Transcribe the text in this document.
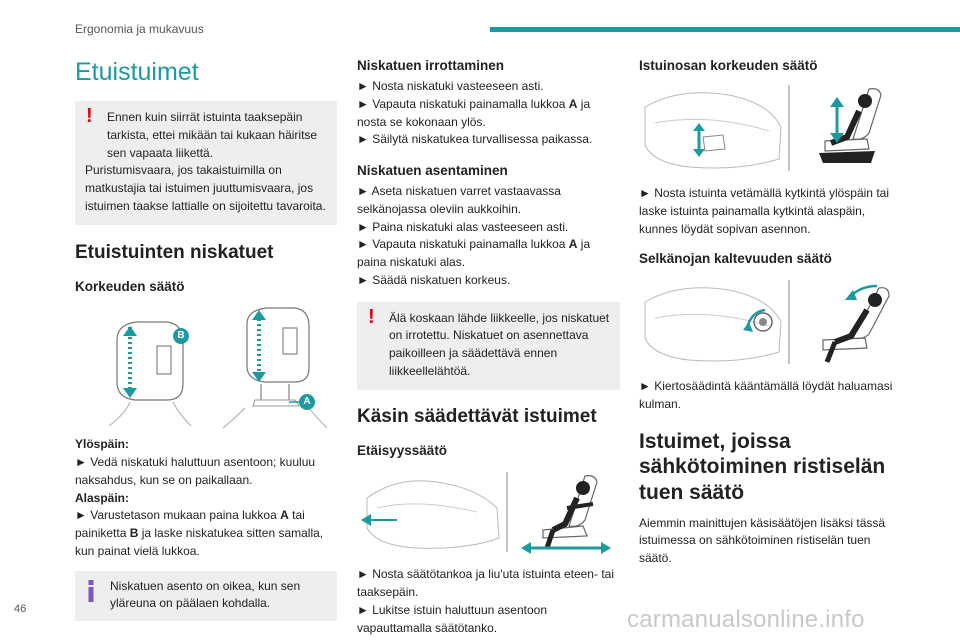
Ergonomia ja mukavuus
Etuistuimet
!	Ennen kuin siirrät istuinta taaksepäin tarkista, ettei mikään tai kukaan häiritse sen vapaata liikettä.

Puristumisvaara, jos takaistuimilla on matkustajia tai istuimen juuttumisvaara, jos istuimen taakse lattialle on sijoitettu tavaroita.

Etuistuinten niskatuet
Korkeuden säätö
B
A

Ylöspäin:

► Vedä niskatuki haluttuun asentoon; kuuluu naksahdus, kun se on paikallaan.

Alaspäin:

► Varustetason mukaan paina lukkoa A tai painiketta B ja laske niskatukea sitten samalla, kun painat vielä lukkoa.

Niskatuen asento on oikea, kun sen yläreuna on päälaen kohdalla.

Niskatuen irrottaminen

► Nosta niskatuki vasteeseen asti.

► Vapauta niskatuki painamalla lukkoa A ja nosta se kokonaan ylös.

► Säilytä niskatukea turvallisessa paikassa.

Niskatuen asentaminen

► Aseta niskatuen varret vastaavassa selkänojassa oleviin aukkoihin.

► Paina niskatuki alas vasteeseen asti.

► Vapauta niskatuki painamalla lukkoa A ja paina niskatuki alas.

► Säädä niskatuen korkeus.

!	Älä koskaan lähde liikkeelle, jos niskatuet on irrotettu. Niskatuet on asennettava paikoilleen ja säädettävä ennen liikkeellelähtöä.

Käsin säädettävät istuimet
Etäisyyssäätö

► Nosta säätötankoa ja liu'uta istuinta eteen- tai taaksepäin.

► Lukitse istuin haluttuun asentoon vapauttamalla säätötanko.

Istuinosan korkeuden säätö

► Nosta istuinta vetämällä kytkintä ylöspäin tai laske istuinta painamalla kytkintä alaspäin, kunnes löydät sopivan asennon.

Selkänojan kaltevuuden säätö

► Kiertosäädintä kääntämällä löydät haluamasi kulman.

Istuimet, joissa sähkötoiminen ristiselän tuen säätö

Aiemmin mainittujen käsisäätöjen lisäksi tässä istuimessa on sähkötoiminen ristiselän tuen säätö.

46	carmanualsonline.info
